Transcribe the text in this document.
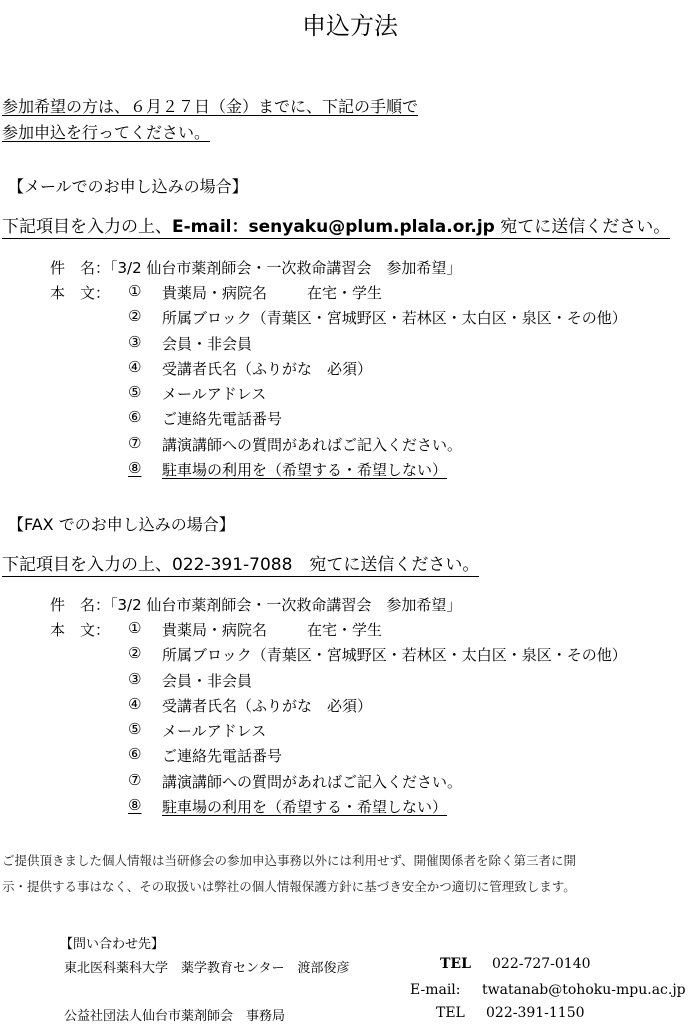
申込方法
参加希望の方は、６月２７日（金）までに、下記の手順で
参加申込を行ってください。
【メールでのお申し込みの場合】
下記項目を入力の上、E-mail：senyaku@plum.plala.or.jp 宛てに送信ください。
件　名：「3/2 仙台市薬剤師会・一次救命講習会　参加希望」
本　文： ① 貴薬局・病院名	在宅・学生
② 所属ブロック（青葉区・宮城野区・若林区・太白区・泉区・その他）
③ 会員・非会員
④ 受講者氏名（ふりがな　必須）
⑤ メールアドレス
⑥ ご連絡先電話番号
⑦ 講演講師への質問があればご記入ください。
⑧ 駐車場の利用を（希望する・希望しない）
【FAX でのお申し込みの場合】
下記項目を入力の上、022-391-7088　宛てに送信ください。
件　名：「3/2 仙台市薬剤師会・一次救命講習会　参加希望」
本　文： ① 貴薬局・病院名	在宅・学生
② 所属ブロック（青葉区・宮城野区・若林区・太白区・泉区・その他）
③ 会員・非会員
④ 受講者氏名（ふりがな　必須）
⑤ メールアドレス
⑥ ご連絡先電話番号
⑦ 講演講師への質問があればご記入ください。
⑧ 駐車場の利用を（希望する・希望しない）
ご提供頂きました個人情報は当研修会の参加申込事務以外には利用せず、開催関係者を除く第三者に開
示・提供する事はなく、その取扱いは弊社の個人情報保護方針に基づき安全かつ適切に管理致します。
【問い合わせ先】
東北医科薬科大学　薬学教育センター　渡部俊彦	TEL 022-727-0140
E-mail: twatanab@tohoku-mpu.ac.jp
公益社団法人仙台市薬剤師会　事務局	TEL 022-391-1150
